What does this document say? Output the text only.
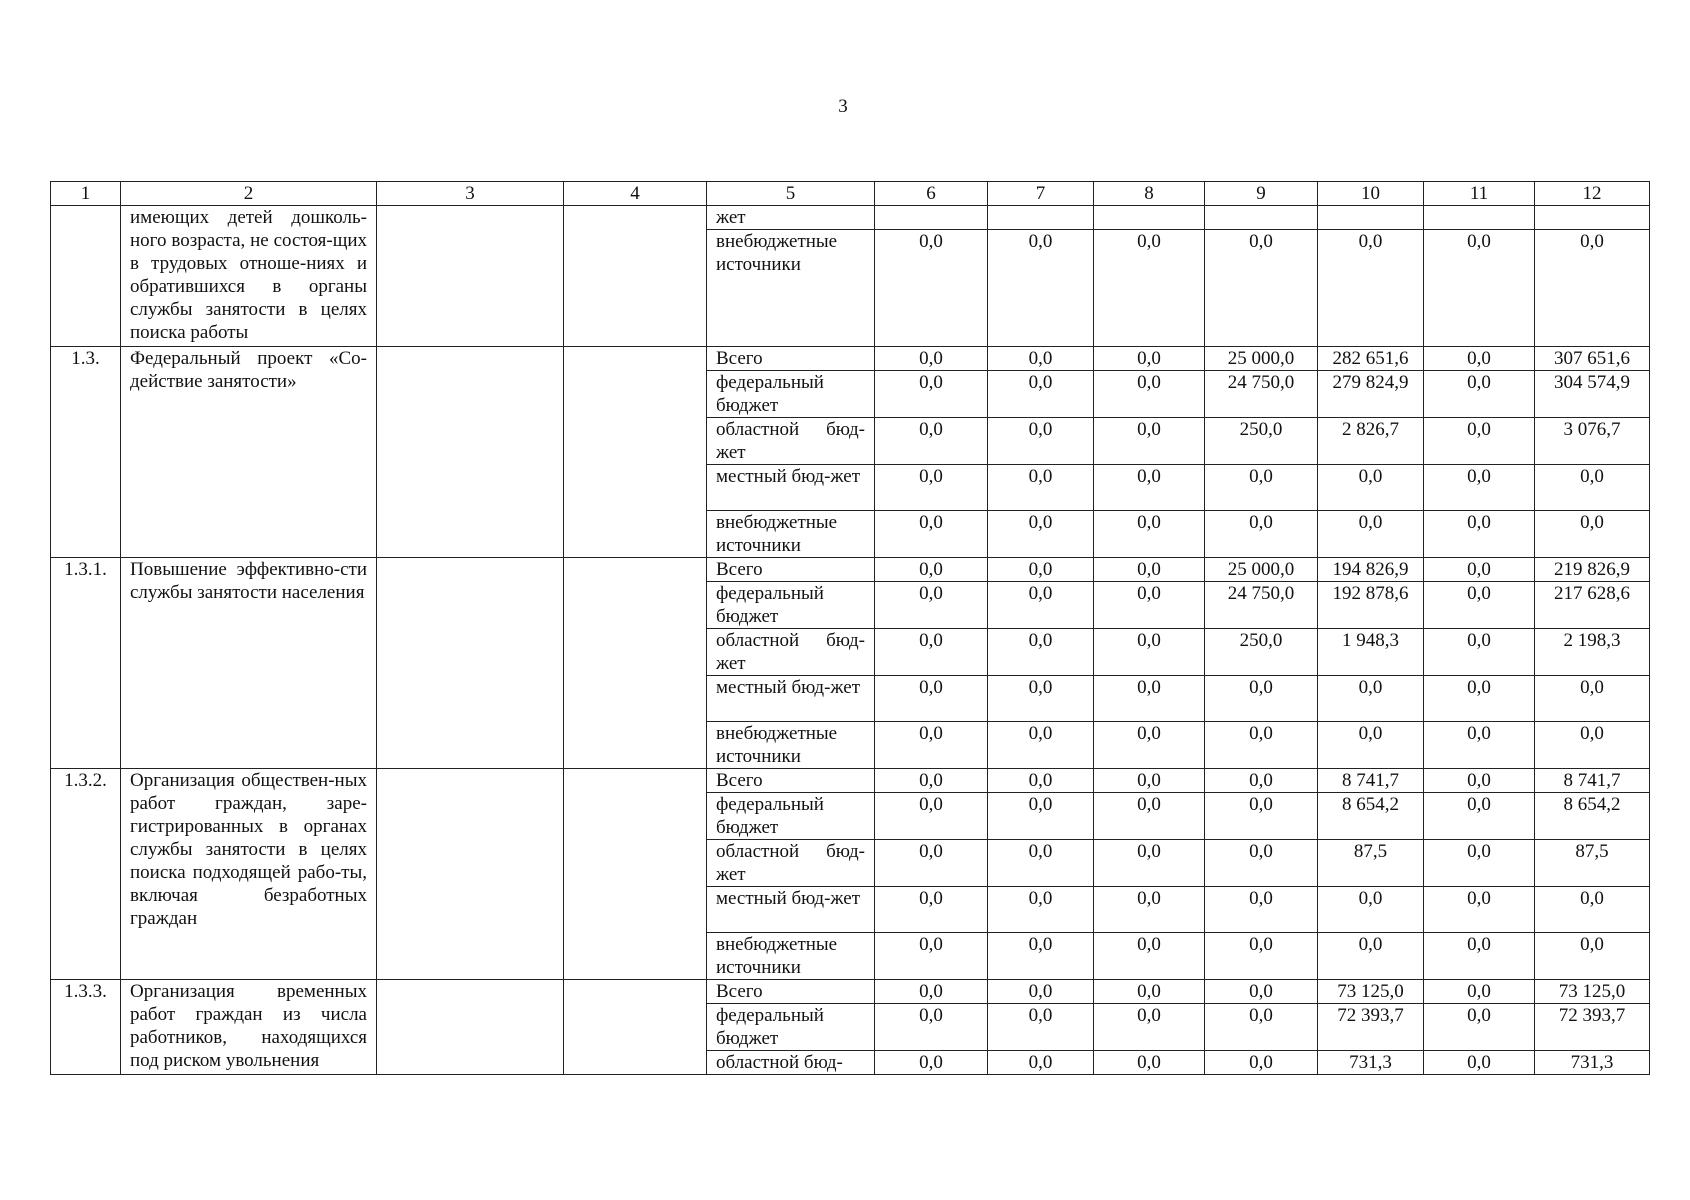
3
1	2	3	4	5	6	7	8	9	10	11	12
	имеющих детей дошколь-ного возраста, не состоя-щих в трудовых отноше-ниях и обратившихся в органы службы занятости в целях поиска работы			жет							
				внебюджетные источники	0,0	0,0	0,0	0,0	0,0	0,0	0,0
1.3.	Федеральный проект «Со-действие занятости»			Всего	0,0	0,0	0,0	25 000,0	282 651,6	0,0	307 651,6
				федеральный бюджет	0,0	0,0	0,0	24 750,0	279 824,9	0,0	304 574,9
				областной бюд-жет	0,0	0,0	0,0	250,0	2 826,7	0,0	3 076,7
				местный бюд-жет	0,0	0,0	0,0	0,0	0,0	0,0	0,0
				внебюджетные источники	0,0	0,0	0,0	0,0	0,0	0,0	0,0
1.3.1.	Повышение эффективно-сти службы занятости населения			Всего	0,0	0,0	0,0	25 000,0	194 826,9	0,0	219 826,9
				федеральный бюджет	0,0	0,0	0,0	24 750,0	192 878,6	0,0	217 628,6
				областной бюд-жет	0,0	0,0	0,0	250,0	1 948,3	0,0	2 198,3
				местный бюд-жет	0,0	0,0	0,0	0,0	0,0	0,0	0,0
				внебюджетные источники	0,0	0,0	0,0	0,0	0,0	0,0	0,0
1.3.2.	Организация обществен-ных работ граждан, заре-гистрированных в органах службы занятости в целях поиска подходящей рабо-ты, включая безработных граждан			Всего	0,0	0,0	0,0	0,0	8 741,7	0,0	8 741,7
				федеральный бюджет	0,0	0,0	0,0	0,0	8 654,2	0,0	8 654,2
				областной бюд-жет	0,0	0,0	0,0	0,0	87,5	0,0	87,5
				местный бюд-жет	0,0	0,0	0,0	0,0	0,0	0,0	0,0
				внебюджетные источники	0,0	0,0	0,0	0,0	0,0	0,0	0,0
1.3.3.	Организация временных работ граждан из числа работников, находящихся под риском увольнения			Всего	0,0	0,0	0,0	0,0	73 125,0	0,0	73 125,0
				федеральный бюджет	0,0	0,0	0,0	0,0	72 393,7	0,0	72 393,7
				областной бюд-	0,0	0,0	0,0	0,0	731,3	0,0	731,3
